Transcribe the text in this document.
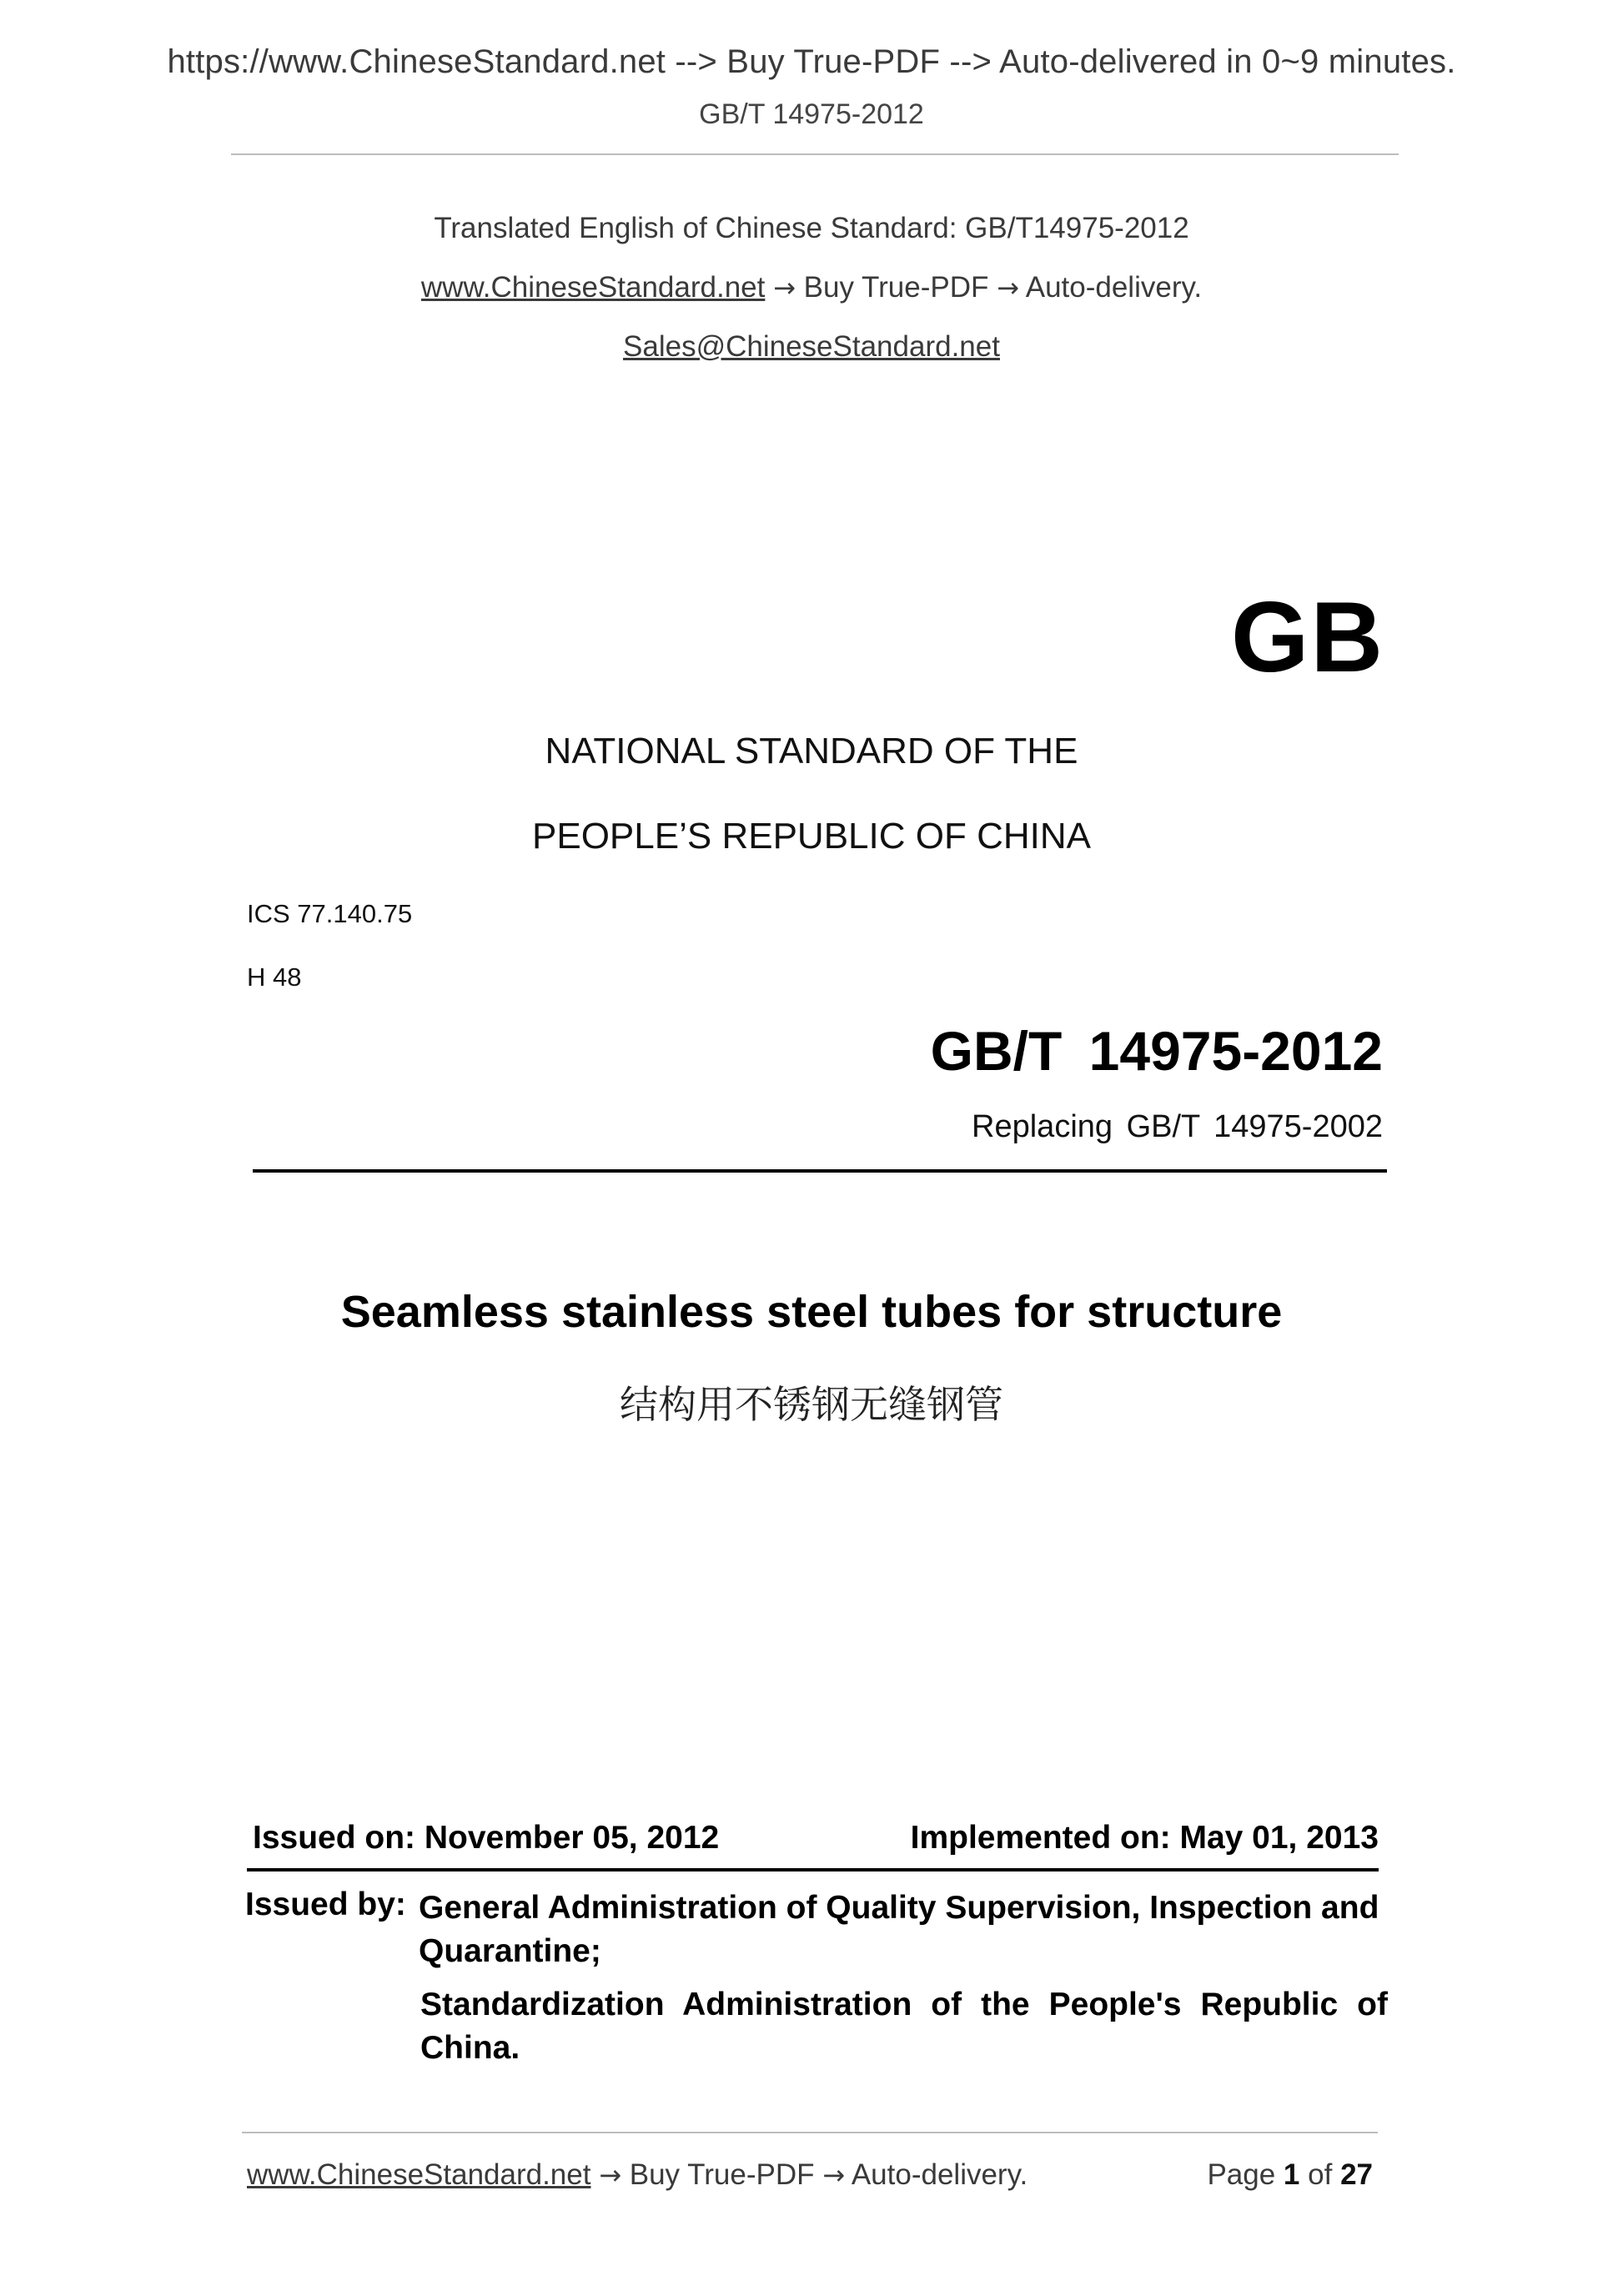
https://www.ChineseStandard.net --> Buy True-PDF --> Auto-delivered in 0~9 minutes.
GB/T 14975-2012
Translated English of Chinese Standard: GB/T14975-2012
www.ChineseStandard.net → Buy True-PDF → Auto-delivery.
Sales@ChineseStandard.net
GB
NATIONAL STANDARD OF THE
PEOPLE’S REPUBLIC OF CHINA
ICS 77.140.75
H 48
GB/T 14975-2012
Replacing GB/T 14975-2002
Seamless stainless steel tubes for structure
结构用不锈钢无缝钢管
Issued on: November 05, 2012	Implemented on: May 01, 2013
Issued by: General Administration of Quality Supervision, Inspection and Quarantine;
Standardization Administration of the People's Republic of China.
www.ChineseStandard.net → Buy True-PDF → Auto-delivery.	Page 1 of 27
